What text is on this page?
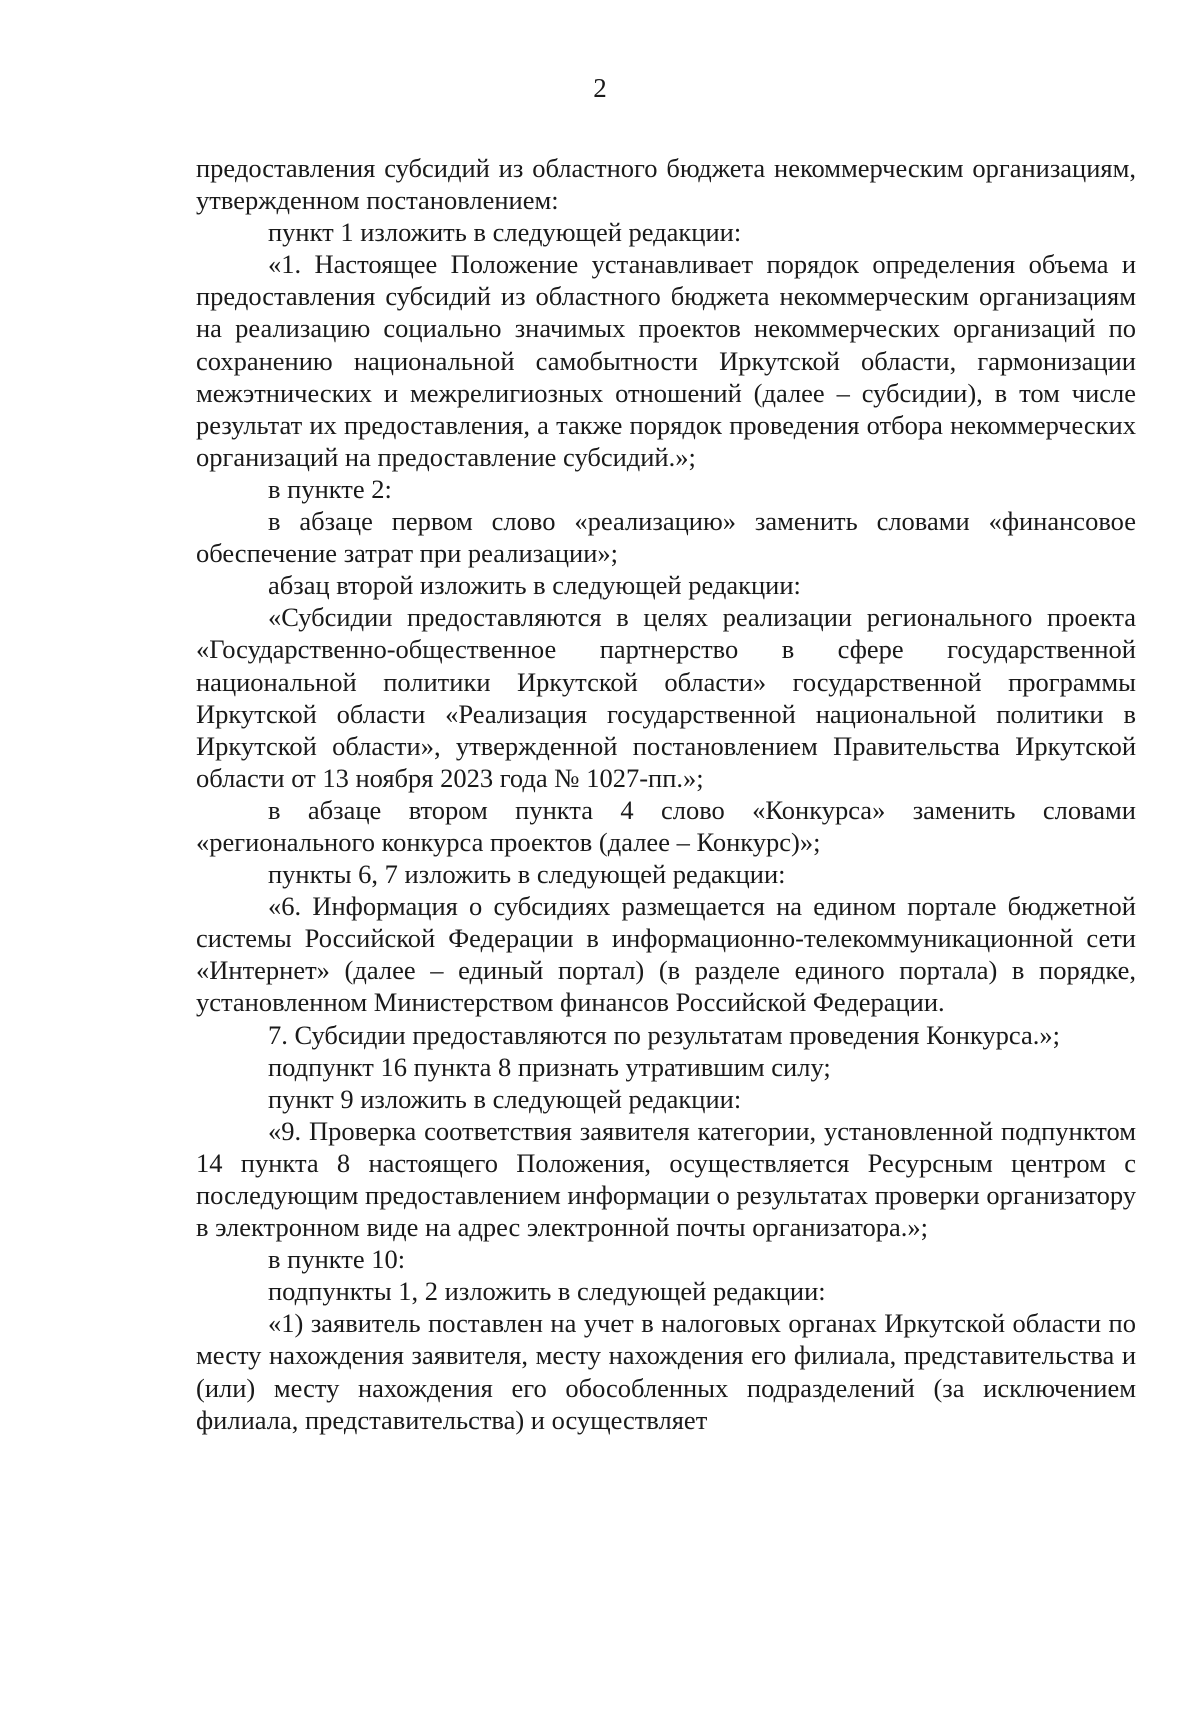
2

предоставления субсидий из областного бюджета некоммерческим организациям, утвержденном постановлением:

пункт 1 изложить в следующей редакции:

«1. Настоящее Положение устанавливает порядок определения объема и предоставления субсидий из областного бюджета некоммерческим организациям на реализацию социально значимых проектов некоммерческих организаций по сохранению национальной самобытности Иркутской области, гармонизации межэтнических и межрелигиозных отношений (далее – субсидии), в том числе результат их предоставления, а также порядок проведения отбора некоммерческих организаций на предоставление субсидий.»;

в пункте 2:

в абзаце первом слово «реализацию» заменить словами «финансовое обеспечение затрат при реализации»;

абзац второй изложить в следующей редакции:

«Субсидии предоставляются в целях реализации регионального проекта «Государственно-общественное партнерство в сфере государственной национальной политики Иркутской области» государственной программы Иркутской области «Реализация государственной национальной политики в Иркутской области», утвержденной постановлением Правительства Иркутской области от 13 ноября 2023 года № 1027-пп.»;

в абзаце втором пункта 4 слово «Конкурса» заменить словами «регионального конкурса проектов (далее – Конкурс)»;

пункты 6, 7 изложить в следующей редакции:

«6. Информация о субсидиях размещается на едином портале бюджетной системы Российской Федерации в информационно-телекоммуникационной сети «Интернет» (далее – единый портал) (в разделе единого портала) в порядке, установленном Министерством финансов Российской Федерации.

7. Субсидии предоставляются по результатам проведения Конкурса.»;

подпункт 16 пункта 8 признать утратившим силу;

пункт 9 изложить в следующей редакции:

«9. Проверка соответствия заявителя категории, установленной подпунктом 14 пункта 8 настоящего Положения, осуществляется Ресурсным центром с последующим предоставлением информации о результатах проверки организатору в электронном виде на адрес электронной почты организатора.»;

в пункте 10:

подпункты 1, 2 изложить в следующей редакции:

«1) заявитель поставлен на учет в налоговых органах Иркутской области по месту нахождения заявителя, месту нахождения его филиала, представительства и (или) месту нахождения его обособленных подразделений (за исключением филиала, представительства) и осуществляет
